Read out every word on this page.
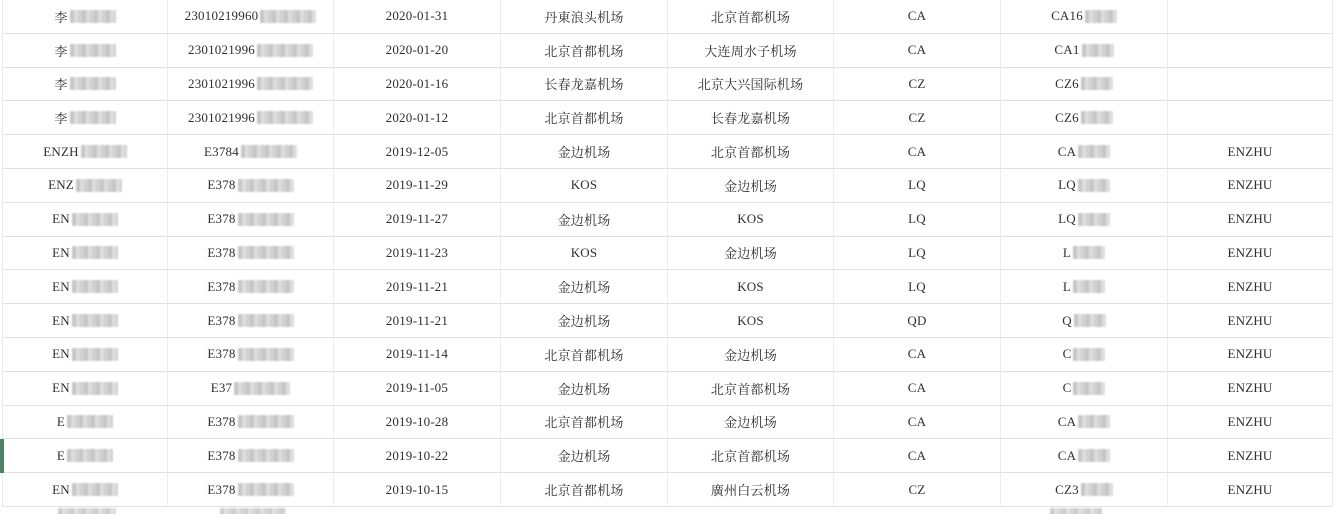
李	23010219960	2020-01-31	丹東浪头机场	北京首都机场	CA	CA16
李	2301021996	2020-01-20	北京首都机场	大连周水子机场	CA	CA1
李	2301021996	2020-01-16	长春龙嘉机场	北京大兴国际机场	CZ	CZ6
李	2301021996	2020-01-12	北京首都机场	长春龙嘉机场	CZ	CZ6
ENZH	E3784	2019-12-05	金边机场	北京首都机场	CA	CA	ENZHU
ENZ	E378	2019-11-29	KOS	金边机场	LQ	LQ	ENZHU
EN	E378	2019-11-27	金边机场	KOS	LQ	LQ	ENZHU
EN	E378	2019-11-23	KOS	金边机场	LQ	L	ENZHU
EN	E378	2019-11-21	金边机场	KOS	LQ	L	ENZHU
EN	E378	2019-11-21	金边机场	KOS	QD	Q	ENZHU
EN	E378	2019-11-14	北京首都机场	金边机场	CA	C	ENZHU
EN	E37	2019-11-05	金边机场	北京首都机场	CA	C	ENZHU
E	E378	2019-10-28	北京首都机场	金边机场	CA	CA	ENZHU
E	E378	2019-10-22	金边机场	北京首都机场	CA	CA	ENZHU
EN	E378	2019-10-15	北京首都机场	廣州白云机场	CZ	CZ3	ENZHU
